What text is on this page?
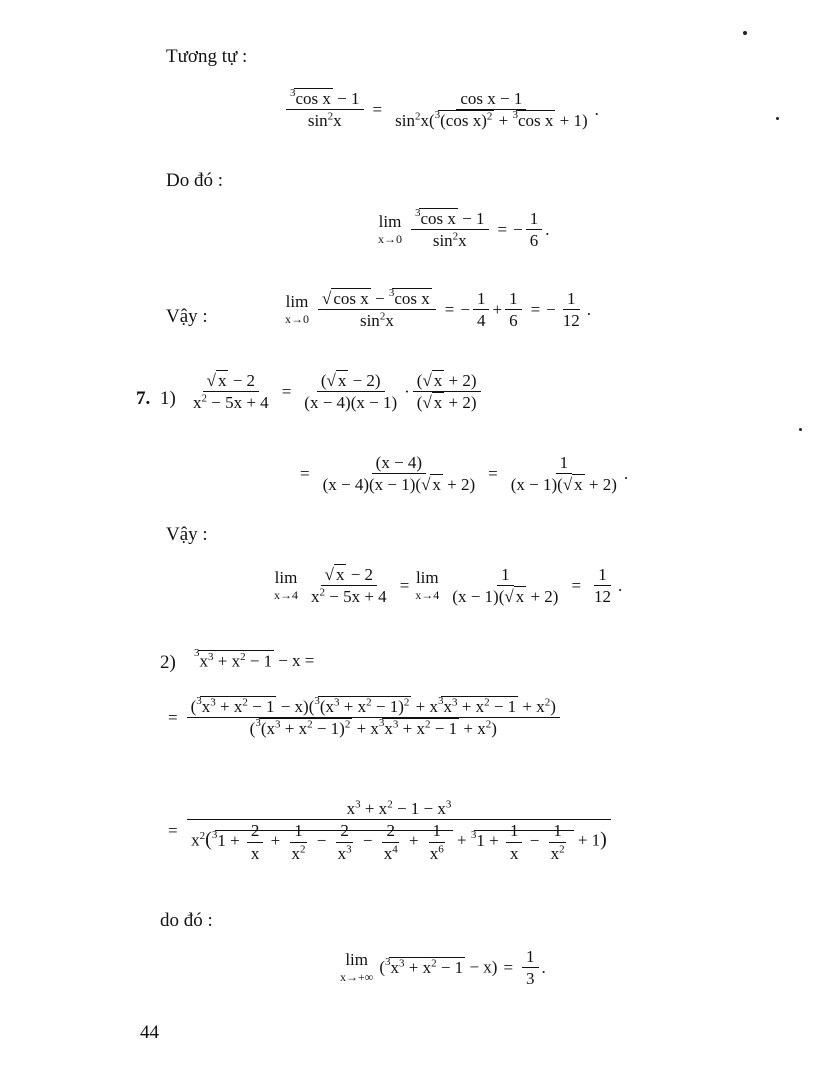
Tương tự :
$\frac{^3\cos x - 1}{\sin^2x} = \frac{\text{cos x − 1}}{\sin^2x(^3(\cos x)^2 + ^3\cos x + 1)}$ .
Do đó :
lim
$x\to 0 \frac{^3\cos x - 1}{\sin^2x}$ = − $\frac{1}{6}$ .
Vậy :
lim
$x\to 0 \frac{√ \cos x - ^3\cos x}{\sin^2x}$ = − $\frac{1}{4} + \frac{1}{6}$ = − $\frac{1}{12}$ .
7. $1) \frac{√ x - 2}{x^2 - 5x + 4} = \frac{(√ x - 2)}{(x - 4)(x - 1)} \cdot \frac{(√ x + 2)}{(√ x + 2)}$
= $\frac{(x - 4)}{(x - 4)(x - 1)(√ x + 2)} = \frac{1}{(x - 1)(√ x + 2)}$ .
Vậy :
lim
$x\to 4 \frac{√ x - 2}{x^2 - 5x + 4} = \lim$
$x\to 4 \frac{1}{(x - 1)(√ x + 2)} = \frac{1}{12}$ .
2) 3 $x^3 + x^2 - 1 - x$ =
= $\frac{(^3x^3 + x^2 - 1 - x)(^3(x^3 + x^2 - 1)^2 + x^3x^3 + x^2 - 1 + x^2)}{(^3(x^3 + x^2 - 1)^2 + x^3x^3 + x^2 - 1 + x^2)}$
= $\frac{x^3 + x^2 - 1 - x^3}{x^2(^31 + \frac{2}{x} + \frac{1}{x^2} - \frac{2}{x^3} - \frac{2}{x^4} + \frac{1}{x^6} + ^31 + \frac{1}{x} - \frac{1}{x^2} + 1)}$
do đó :
lim
x→+∞
$(^3x^3 + x^2 - 1 - x) = \frac{1}{3}$ .
44
